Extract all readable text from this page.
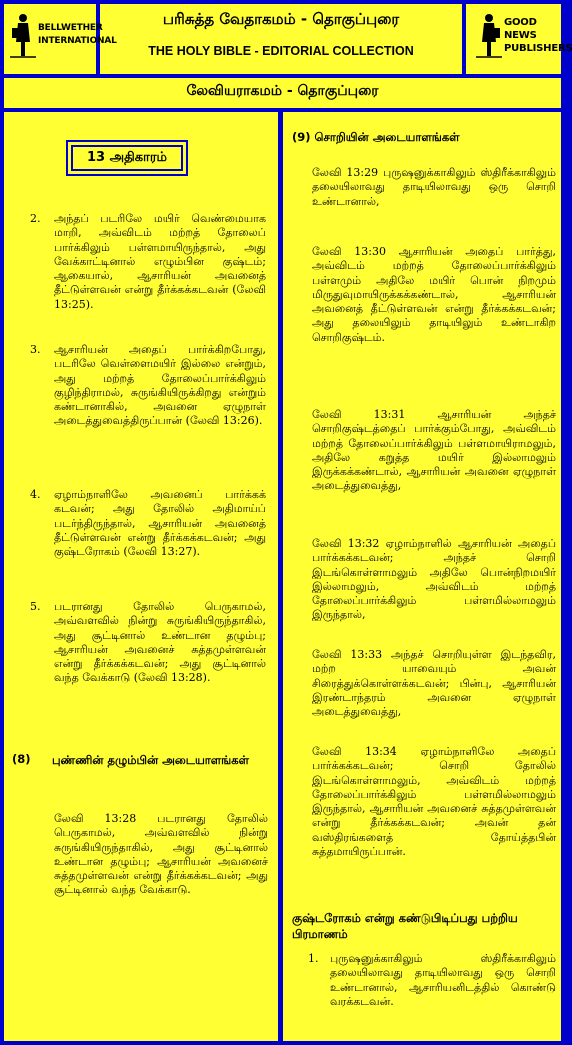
BELLWETHER
INTERNATIONAL
பரிசுத்த வேதாகமம் - தொகுப்புரை
THE HOLY BIBLE - EDITORIAL COLLECTION
GOOD NEWS
PUBLISHERS
லேவியராகமம் - தொகுப்புரை
13 அதிகாரம்
2. அந்தப் படரிலே மயிர் வெண்மையாக மாறி, அவ்விடம் மற்றத் தோலைப் பார்க்கிலும் பள்ளமாயிருந்தால், அது வேக்காட்டினால் எழும்பின குஷ்டம்; ஆகையால், ஆசாரியன் அவனைத் தீட்டுள்ளவன் என்று தீர்க்கக்கடவன் (லேவி 13:25).
3. ஆசாரியன் அதைப் பார்க்கிறபோது, படரிலே வெள்ளைமயிர் இல்லை என்றும், அது மற்றத் தோலைப்பார்க்கிலும் குழிந்திராமல், சுருங்கியிருக்கிறது என்றும் கண்டானாகில், அவனை ஏழுநாள் அடைத்துவைத்திருப்பான் (லேவி 13:26).
4. ஏழாம்நாளிலே அவனைப் பார்க்கக் கடவன்; அது தோலில் அதிமாய்ப் படர்ந்திருந்தால், ஆசாரியன் அவனைத் தீட்டுள்ளவன் என்று தீர்க்கக்கடவன்; அது குஷ்டரோகம் (லேவி 13:27).
5. படரானது தோலில் பெருகாமல், அவ்வளவில் நின்று சுருங்கியிருந்தாகில், அது சூட்டினால் உண்டான தழும்பு; ஆசாரியன் அவனைச் சுத்தமுள்ளவன் என்று தீர்க்கக்கடவன்; அது சூட்டினால் வந்த வேக்காடு (லேவி 13:28).
(8) புண்ணின் தழும்பின் அடையாளங்கள்
லேவி 13:28 படரானது தோலில் பெருகாமல், அவ்வளவில் நின்று சுருங்கியிருந்தாகில், அது சூட்டினால் உண்டான தழும்பு; ஆசாரியன் அவனைச் சுத்தமுள்ளவன் என்று தீர்க்கக்கடவன்; அது சூட்டினால் வந்த வேக்காடு.
(9) சொறியின் அடையாளங்கள்
லேவி 13:29 புருஷனுக்காகிலும் ஸ்திரீக்காகிலும் தலையிலாவது தாடியிலாவது ஒரு சொறி உண்டானால்,
லேவி 13:30 ஆசாரியன் அதைப் பார்த்து, அவ்விடம் மற்றத் தோலைப்பார்க்கிலும் பள்ளமும் அதிலே மயிர் பொன் நிறமும் மிருதுவுமாயிருக்கக்கண்டால், ஆசாரியன் அவனைத் தீட்டுள்ளவன் என்று தீர்க்கக்கடவன்; அது தலையிலும் தாடியிலும் உண்டாகிற சொறிகுஷ்டம்.
லேவி 13:31 ஆசாரியன் அந்தச் சொறிகுஷ்டத்தைப் பார்க்கும்போது, அவ்விடம் மற்றத் தோலைப்பார்க்கிலும் பள்ளமாயிராமலும், அதிலே கறுத்த மயிர் இல்லாமலும் இருக்கக்கண்டால், ஆசாரியன் அவனை ஏழுநாள் அடைத்துவைத்து,
லேவி 13:32 ஏழாம்நாளில் ஆசாரியன் அதைப் பார்க்கக்கடவன்; அந்தச் சொறி இடங்கொள்ளாமலும் அதிலே பொன்நிறமயிர் இல்லாமலும், அவ்விடம் மற்றத் தோலைப்பார்க்கிலும் பள்ளமில்லாமலும் இருந்தால்,
லேவி 13:33 அந்தச் சொறியுள்ள இடந்தவிர, மற்ற யாவையும் அவன் சிரைத்துக்கொள்ளக்கடவன்; பின்பு, ஆசாரியன் இரண்டாந்தரம் அவனை ஏழுநாள் அடைத்துவைத்து,
லேவி 13:34 ஏழாம்நாளிலே அதைப் பார்க்கக்கடவன்; சொறி தோலில் இடங்கொள்ளாமலும், அவ்விடம் மற்றத் தோலைப்பார்க்கிலும் பள்ளமில்லாமலும் இருந்தால், ஆசாரியன் அவனைச் சுத்தமுள்ளவன் என்று தீர்க்கக்கடவன்; அவன் தன் வஸ்திரங்களைத் தோய்த்தபின் சுத்தமாயிருப்பான்.
குஷ்டரோகம் என்று கண்டுபிடிப்பது பற்றிய பிரமாணம்
1. புருஷனுக்காகிலும் ஸ்திரீக்காகிலும் தலையிலாவது தாடியிலாவது ஒரு சொறி உண்டானால், ஆசாரியனிடத்தில் கொண்டு வரக்கடவன்.
